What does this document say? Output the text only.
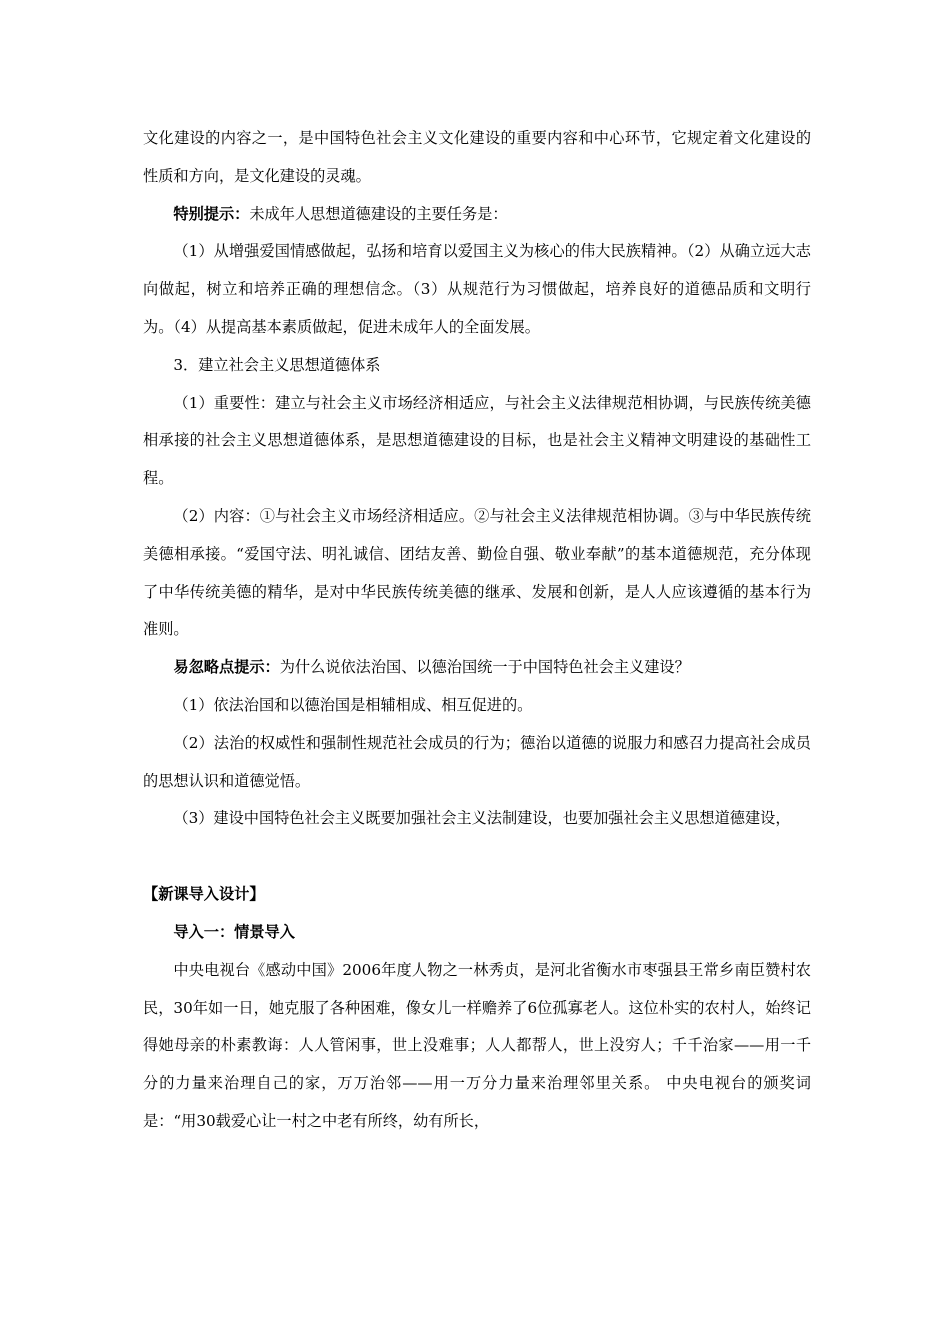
文化建设的内容之一，是中国特色社会主义文化建设的重要内容和中心环节，它规定着文化建设的性质和方向，是文化建设的灵魂。

特别提示：未成年人思想道德建设的主要任务是：

（1）从增强爱国情感做起，弘扬和培育以爱国主义为核心的伟大民族精神。（2）从确立远大志向做起，树立和培养正确的理想信念。（3）从规范行为习惯做起，培养良好的道德品质和文明行为。（4）从提高基本素质做起，促进未成年人的全面发展。

3．建立社会主义思想道德体系

（1）重要性：建立与社会主义市场经济相适应，与社会主义法律规范相协调，与民族传统美德相承接的社会主义思想道德体系，是思想道德建设的目标，也是社会主义精神文明建设的基础性工程。

（2）内容：①与社会主义市场经济相适应。②与社会主义法律规范相协调。③与中华民族传统美德相承接。“爱国守法、明礼诚信、团结友善、勤俭自强、敬业奉献”的基本道德规范，充分体现了中华传统美德的精华，是对中华民族传统美德的继承、发展和创新，是人人应该遵循的基本行为准则。

易忽略点提示：为什么说依法治国、以德治国统一于中国特色社会主义建设？

（1）依法治国和以德治国是相辅相成、相互促进的。

（2）法治的权威性和强制性规范社会成员的行为；德治以道德的说服力和感召力提高社会成员的思想认识和道德觉悟。

（3）建设中国特色社会主义既要加强社会主义法制建设，也要加强社会主义思想道德建设，

【新课导入设计】

导入一：情景导入

中央电视台《感动中国》2006年度人物之一林秀贞，是河北省衡水市枣强县王常乡南臣赞村农民，30年如一日，她克服了各种困难，像女儿一样赡养了6位孤寡老人。这位朴实的农村人，始终记得她母亲的朴素教诲：人人管闲事，世上没难事；人人都帮人，世上没穷人；千千治家——用一千分的力量来治理自己的家，万万治邻——用一万分力量来治理邻里关系。 中央电视台的颁奖词是：“用30载爱心让一村之中老有所终，幼有所长，
